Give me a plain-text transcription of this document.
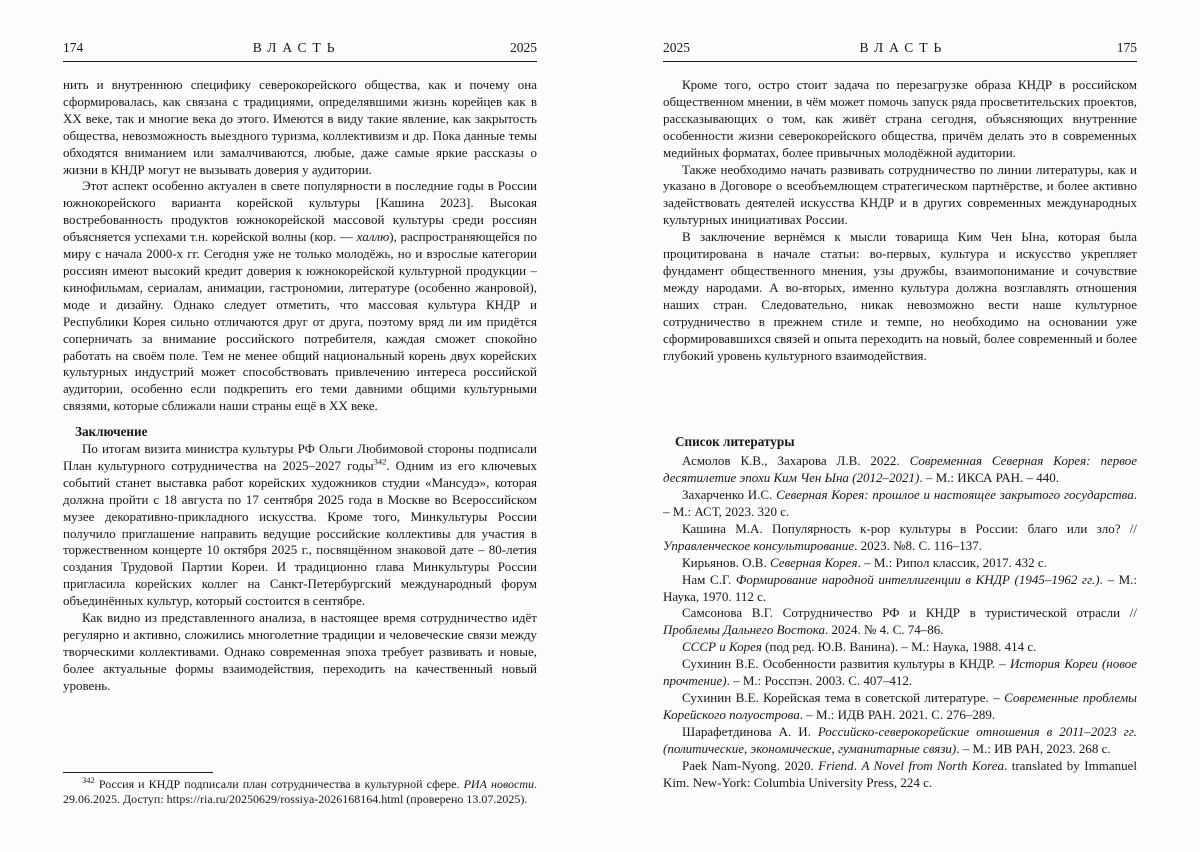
174	ВЛАСТЬ	2025

нить и внутреннюю специфику северокорейского общества, как и почему она сформировалась, как связана с традициями, определявшими жизнь корейцев как в XX веке, так и многие века до этого. Имеются в виду такие явление, как закрытость общества, невозможность выездного туризма, коллективизм и др. Пока данные темы обходятся вниманием или замалчиваются, любые, даже самые яркие рассказы о жизни в КНДР могут не вызывать доверия у аудитории.

Этот аспект особенно актуален в свете популярности в последние годы в России южнокорейского варианта корейской культуры [Кашина 2023]. Высокая востребованность продуктов южнокорейской массовой культуры среди россиян объясняется успехами т.н. корейской волны (кор. — халлю), распространяющейся по миру с начала 2000-х гг. Сегодня уже не только молодёжь, но и взрослые категории россиян имеют высокий кредит доверия к южнокорейской культурной продукции – кинофильмам, сериалам, анимации, гастрономии, литературе (особенно жанровой), моде и дизайну. Однако следует отметить, что массовая культура КНДР и Республики Корея сильно отличаются друг от друга, поэтому вряд ли им придётся соперничать за внимание российского потребителя, каждая сможет спокойно работать на своём поле. Тем не менее общий национальный корень двух корейских культурных индустрий может способствовать привлечению интереса российской аудитории, особенно если подкрепить его теми давними общими культурными связями, которые сближали наши страны ещё в XX веке.

Заключение

По итогам визита министра культуры РФ Ольги Любимовой стороны подписали План культурного сотрудничества на 2025–2027 годы$^{342}$. Одним из его ключевых событий станет выставка работ корейских художников студии «Мансудэ», которая должна пройти с 18 августа по 17 сентября 2025 года в Москве во Всероссийском музее декоративно-прикладного искусства. Кроме того, Минкультуры России получило приглашение направить ведущие российские коллективы для участия в торжественном концерте 10 октября 2025 г., посвящённом знаковой дате – 80-летия создания Трудовой Партии Кореи. И традиционно глава Минкультуры России пригласила корейских коллег на Санкт-Петербургский международный форум объединённых культур, который состоится в сентябре.

Как видно из представленного анализа, в настоящее время сотрудничество идёт регулярно и активно, сложились многолетние традиции и человеческие связи между творческими коллективами. Однако современная эпоха требует развивать и новые, более актуальные формы взаимодействия, переходить на качественный новый уровень.

$^{342}$ Россия и КНДР подписали план сотрудничества в культурной сфере. РИА новости. 29.06.2025. Доступ: https://ria.ru/20250629/rossiya-2026168164.html (проверено 13.07.2025).

2025	ВЛАСТЬ	175

Кроме того, остро стоит задача по перезагрузке образа КНДР в российском общественном мнении, в чём может помочь запуск ряда просветительских проектов, рассказывающих о том, как живёт страна сегодня, объясняющих внутренние особенности жизни северокорейского общества, причём делать это в современных медийных форматах, более привычных молодёжной аудитории.

Также необходимо начать развивать сотрудничество по линии литературы, как и указано в Договоре о всеобъемлющем стратегическом партнёрстве, и более активно задействовать деятелей искусства КНДР и в других современных международных культурных инициативах России.

В заключение вернёмся к мысли товарища Ким Чен Ына, которая была процитирована в начале статьи: во-первых, культура и искусство укрепляет фундамент общественного мнения, узы дружбы, взаимопонимание и сочувствие между народами. А во-вторых, именно культура должна возглавлять отношения наших стран. Следовательно, никак невозможно вести наше культурное сотрудничество в прежнем стиле и темпе, но необходимо на основании уже сформировавшихся связей и опыта переходить на новый, более современный и более глубокий уровень культурного взаимодействия.

Список литературы

Асмолов К.В., Захарова Л.В. 2022. Современная Северная Корея: первое десятилетие эпохи Ким Чен Ына (2012–2021). – М.: ИКСА РАН. – 440.

Захарченко И.С. Северная Корея: прошлое и настоящее закрытого государства. – М.: АСТ, 2023. 320 с.

Кашина М.А. Популярность к-рор культуры в России: благо или зло? // Управленческое консультирование. 2023. №8. С. 116–137.

Кирьянов. О.В. Северная Корея. – М.: Рипол классик, 2017. 432 с.

Нам С.Г. Формирование народной интеллигенции в КНДР (1945–1962 гг.). – М.: Наука, 1970. 112 с.

Самсонова В.Г. Сотрудничество РФ и КНДР в туристической отрасли // Проблемы Дальнего Востока. 2024. № 4. С. 74–86.

СССР и Корея (под ред. Ю.В. Ванина). – М.: Наука, 1988. 414 с.

Сухинин В.Е. Особенности развития культуры в КНДР. – История Кореи (новое прочтение). – М.: Росспэн. 2003. С. 407–412.

Сухинин В.Е. Корейская тема в советской литературе. – Современные проблемы Корейского полуострова. – М.: ИДВ РАН. 2021. С. 276–289.

Шарафетдинова А. И. Российско-северокорейские отношения в 2011–2023 гг. (политические, экономические, гуманитарные связи). – М.: ИВ РАН, 2023. 268 с.

Paek Nam-Nyong. 2020. Friend. A Novel from North Korea. translated by Immanuel Kim. New-York: Columbia University Press, 224 с.
